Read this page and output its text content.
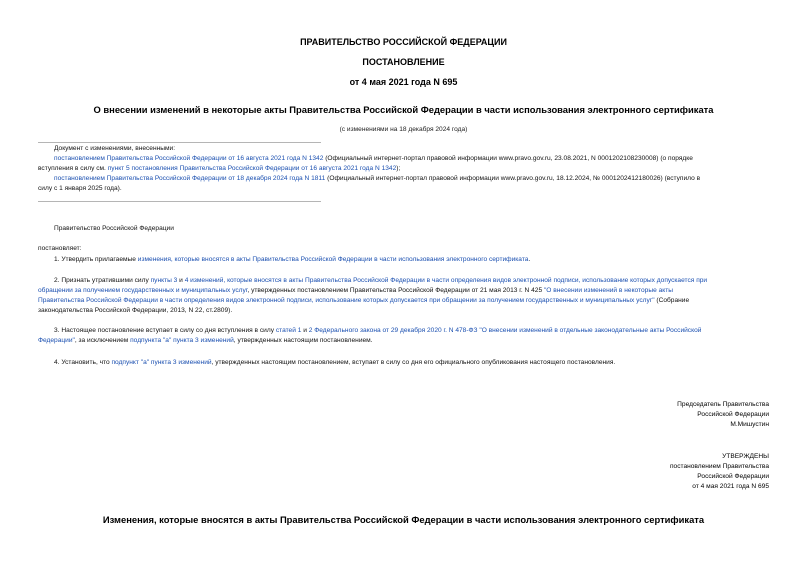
ПРАВИТЕЛЬСТВО РОССИЙСКОЙ ФЕДЕРАЦИИ
ПОСТАНОВЛЕНИЕ
от 4 мая 2021 года N 695
О внесении изменений в некоторые акты Правительства Российской Федерации в части использования электронного сертификата
(с изменениями на 18 декабря 2024 года)
Документ с изменениями, внесенными:
постановлением Правительства Российской Федерации от 16 августа 2021 года N 1342 (Официальный интернет-портал правовой информации www.pravo.gov.ru, 23.08.2021, N 0001202108230008) (о порядке
вступления в силу см. пункт 5 постановления Правительства Российской Федерации от 16 августа 2021 года N 1342);
постановлением Правительства Российской Федерации от 18 декабря 2024 года N 1811 (Официальный интернет-портал правовой информации www.pravo.gov.ru, 18.12.2024, № 0001202412180026) (вступило в
силу с 1 января 2025 года).
Правительство Российской Федерации
постановляет:
1. Утвердить прилагаемые изменения, которые вносятся в акты Правительства Российской Федерации в части использования электронного сертификата.
2. Признать утратившими силу пункты 3 и 4 изменений, которые вносятся в акты Правительства Российской Федерации в части определения видов электронной подписи, использование которых допускается при
обращении за получением государственных и муниципальных услуг, утвержденных постановлением Правительства Российской Федерации от 21 мая 2013 г. N 425 "О внесении изменений в некоторые акты
Правительства Российской Федерации в части определения видов электронной подписи, использование которых допускается при обращении за получением государственных и муниципальных услуг" (Собрание
законодательства Российской Федерации, 2013, N 22, ст.2809).
3. Настоящее постановление вступает в силу со дня вступления в силу статей 1 и 2 Федерального закона от 29 декабря 2020 г. N 478-ФЗ "О внесении изменений в отдельные законодательные акты Российской
Федерации", за исключением подпункта "а" пункта 3 изменений, утвержденных настоящим постановлением.
4. Установить, что подпункт "а" пункта 3 изменений, утвержденных настоящим постановлением, вступает в силу со дня его официального опубликования настоящего постановления.
Председатель Правительства
Российской Федерации
М.Мишустин
УТВЕРЖДЕНЫ
постановлением Правительства
Российской Федерации
от 4 мая 2021 года N 695
Изменения, которые вносятся в акты Правительства Российской Федерации в части использования электронного сертификата
